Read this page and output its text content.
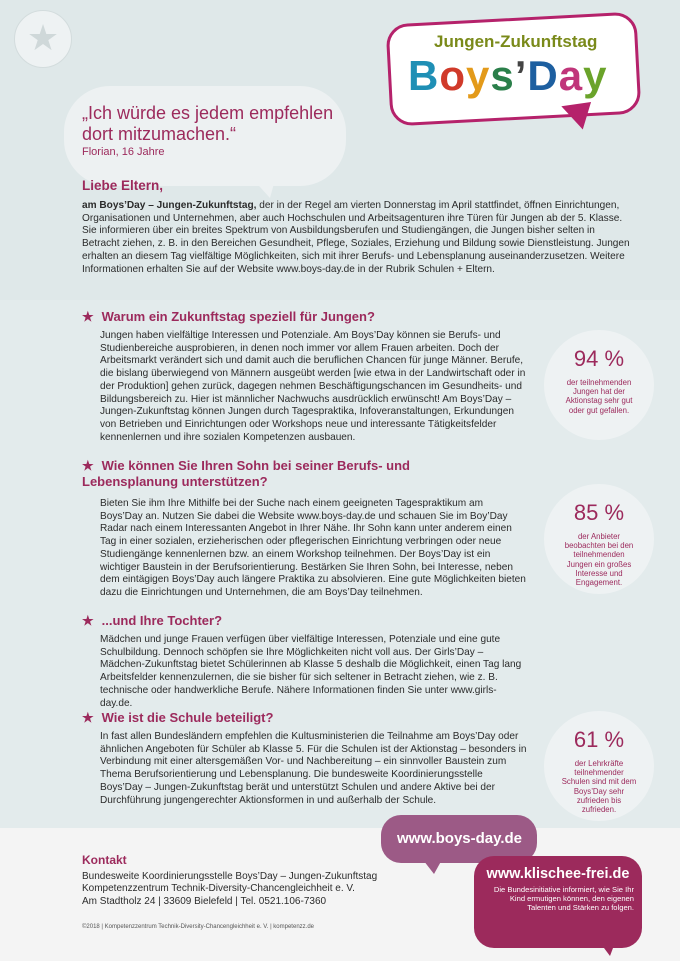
★	Jungen-Zukunftstag
Boys’Day
„Ich würde es jedem empfehlen dort mitzumachen.“
Florian, 16 Jahre
Liebe Eltern,
am Boys’Day – Jungen-Zukunftstag, der in der Regel am vierten Donnerstag im April stattfindet, öffnen Einrichtungen, Organisationen und Unternehmen, aber auch Hochschulen und Arbeitsagenturen ihre Türen für Jungen ab der 5. Klasse. Sie informieren über ein breites Spektrum von Ausbildungsberufen und Studiengängen, die Jungen bisher selten in Betracht ziehen, z. B. in den Bereichen Gesundheit, Pflege, Soziales, Erziehung und Bildung sowie Dienstleistung. Jungen erhalten an diesem Tag vielfältige Möglichkeiten, sich mit ihrer Berufs- und Lebensplanung auseinanderzusetzen. Weitere Informationen erhalten Sie auf der Website www.boys-day.de in der Rubrik Schulen + Eltern.
★ Warum ein Zukunftstag speziell für Jungen?
Jungen haben vielfältige Interessen und Potenziale. Am Boys’Day können sie Berufs- und Studienbereiche ausprobieren, in denen noch immer vor allem Frauen arbeiten. Doch der Arbeitsmarkt verändert sich und damit auch die beruflichen Chancen für junge Männer. Berufe, die bislang überwiegend von Männern ausgeübt werden [wie etwa in der Landwirtschaft oder in der Produktion] gehen zurück, dagegen nehmen Beschäftigungschancen im Gesundheits- und Bildungsbereich zu. Hier ist männlicher Nachwuchs ausdrücklich erwünscht! Am Boys’Day – Jungen-Zukunftstag können Jungen durch Tagespraktika, Infoveranstaltungen, Erkundungen von Betrieben und Einrichtungen oder Workshops neue und interessante Tätigkeitsfelder kennenlernen und ihre sozialen Kompetenzen ausbauen.
★ Wie können Sie Ihren Sohn bei seiner Berufs- und Lebensplanung unterstützen?
Bieten Sie ihm Ihre Mithilfe bei der Suche nach einem geeigneten Tagespraktikum am Boys’Day an. Nutzen Sie dabei die Website www.boys-day.de und schauen Sie im Boy’Day Radar nach einem Interessanten Angebot in Ihrer Nähe. Ihr Sohn kann unter anderem einen Tag in einer sozialen, erzieherischen oder pflegerischen Einrichtung verbringen oder neue Studiengänge kennenlernen bzw. an einem Workshop teilnehmen. Der Boys’Day ist ein wichtiger Baustein in der Berufsorientierung. Bestärken Sie Ihren Sohn, bei Interesse, neben dem eintägigen Boys’Day auch längere Praktika zu absolvieren. Eine gute Möglichkeiten bieten dazu die Einrichtungen und Unternehmen, die am Boys’Day teilnehmen.
★ ...und Ihre Tochter?
Mädchen und junge Frauen verfügen über vielfältige Interessen, Potenziale und eine gute Schulbildung. Dennoch schöpfen sie Ihre Möglichkeiten nicht voll aus. Der Girls’Day – Mädchen-Zukunftstag bietet Schülerinnen ab Klasse 5 deshalb die Möglichkeit, einen Tag lang Arbeitsfelder kennenzulernen, die sie bisher für sich seltener in Betracht ziehen, wie z. B. technische oder handwerkliche Berufe. Nähere Informationen finden Sie unter www.girls-day.de.
★ Wie ist die Schule beteiligt?
In fast allen Bundesländern empfehlen die Kultusministerien die Teilnahme am Boys’Day oder ähnlichen Angeboten für Schüler ab Klasse 5. Für die Schulen ist der Aktionstag – besonders in Verbindung mit einer altersgemäßen Vor- und Nachbereitung – ein sinnvoller Baustein zum Thema Berufsorientierung und Lebensplanung. Die bundesweite Koordinierungsstelle Boys’Day – Jungen-Zukunftstag berät und unterstützt Schulen und andere Aktive bei der Durchführung jungengerechter Aktionsformen in und außerhalb der Schule.
94 %
der teilnehmenden Jungen hat der Aktionstag sehr gut oder gut gefallen.
85 %
der Anbieter beobachten bei den teilnehmenden Jungen ein großes Interesse und Engagement.
61 %
der Lehrkräfte teilnehmender Schulen sind mit dem Boys’Day sehr zufrieden bis zufrieden.
Kontakt
Bundesweite Koordinierungsstelle Boys’Day – Jungen-Zukunftstag
Kompetenzzentrum Technik-Diversity-Chancengleichheit e. V.
Am Stadtholz 24 | 33609 Bielefeld | Tel. 0521.106-7360
©2018 | Kompetenzzentrum Technik-Diversity-Chancengleichheit e. V. | kompetenzz.de
www.boys-day.de
www.klischee-frei.de
Die Bundesinitiative informiert, wie Sie Ihr Kind ermutigen können, den eigenen Talenten und Stärken zu folgen.
